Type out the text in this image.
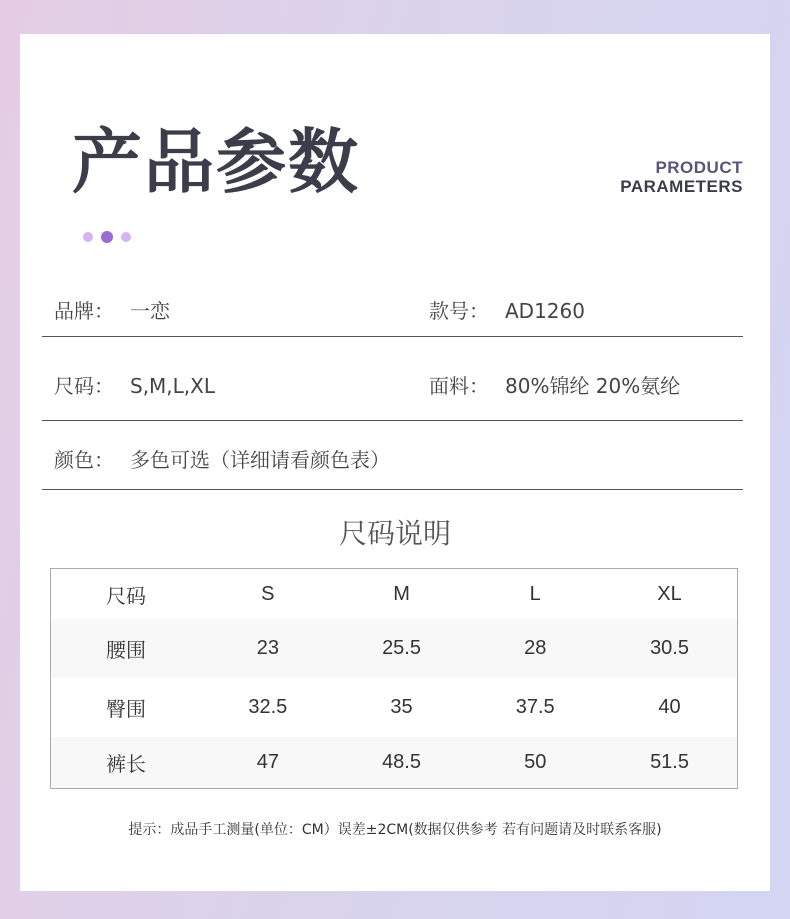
产品参数	PRODUCT
PARAMETERS
品牌： 一恋	款号： AD1260
尺码： S,M,L,XL	面料： 80%锦纶 20%氨纶
颜色： 多色可选（详细请看颜色表）
尺码说明
尺码	S	M	L	XL
腰围	23	25.5	28	30.5
臀围	32.5	35	37.5	40
裤长	47	48.5	50	51.5
提示：成品手工测量(单位：CM）误差±2CM(数据仅供参考 若有问题请及时联系客服)
